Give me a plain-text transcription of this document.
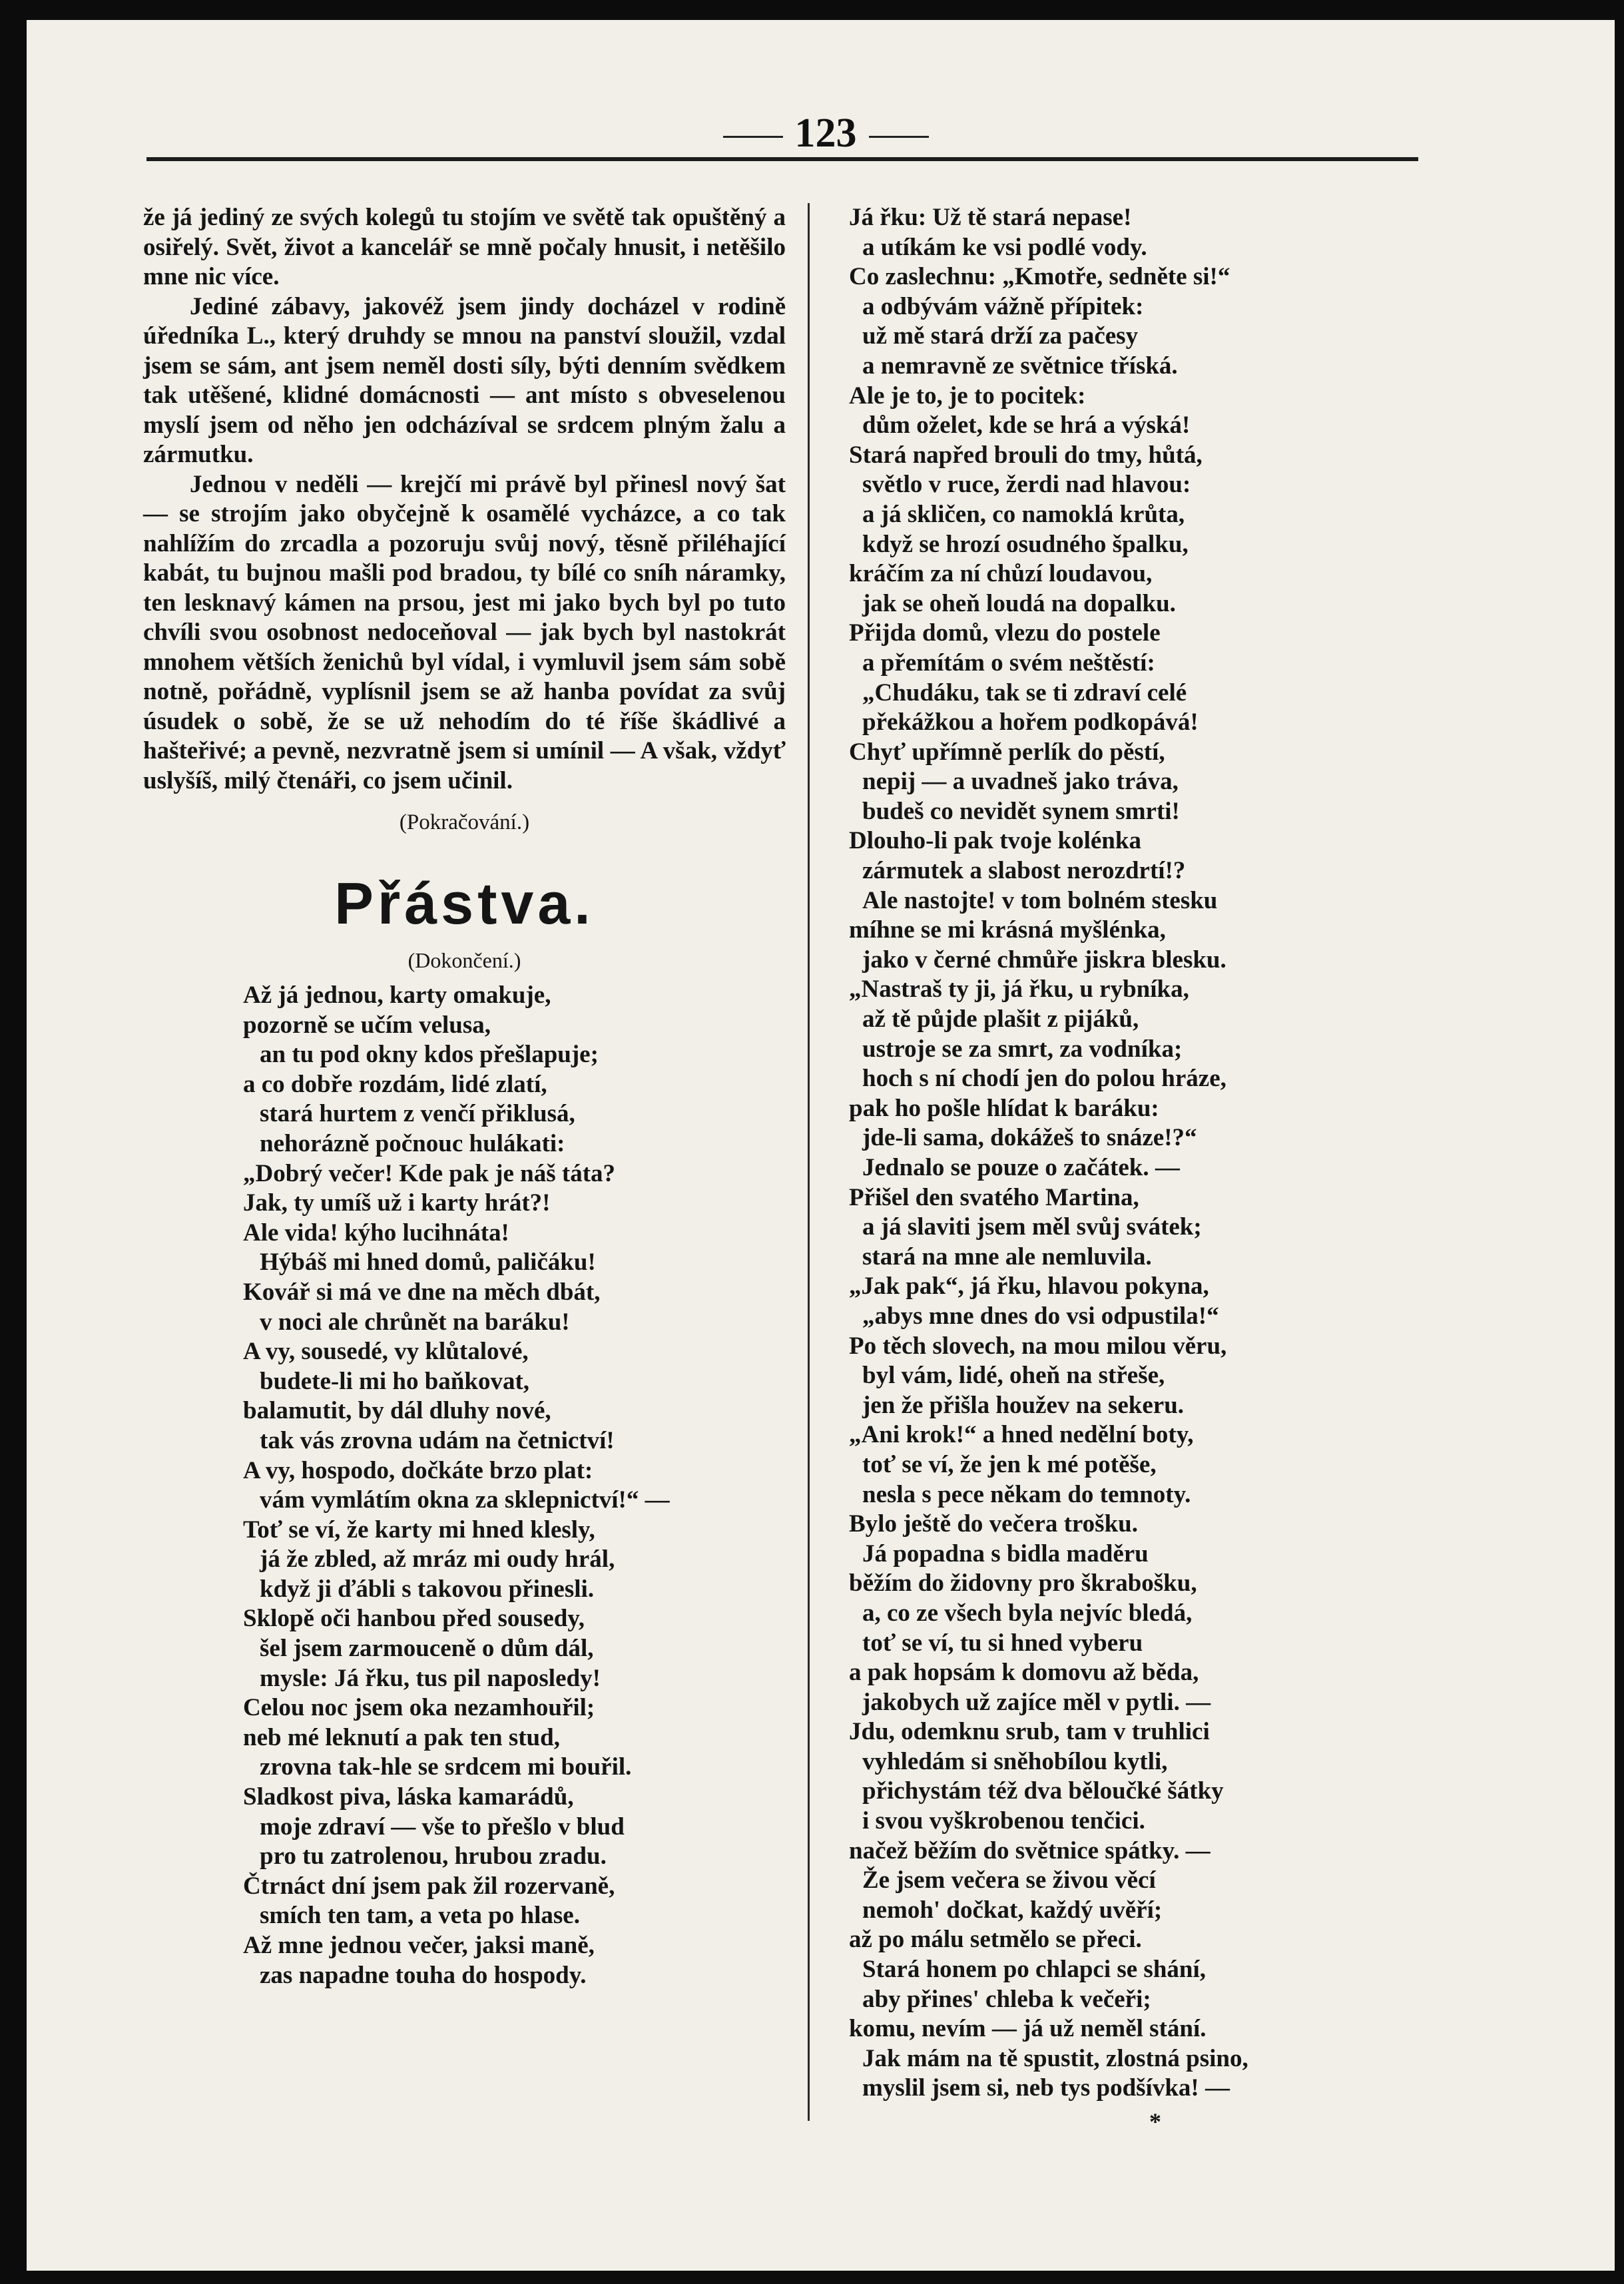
123

že já jediný ze svých kolegů tu stojím ve světě tak opuštěný a osiřelý. Svět, život a kancelář se mně počaly hnusit, i netěšilo mne nic více.

Jediné zábavy, jakovéž jsem jindy docházel v rodině úředníka L., který druhdy se mnou na panství sloužil, vzdal jsem se sám, ant jsem neměl dosti síly, býti denním svědkem tak utěšené, klidné domácnosti — ant místo s obveselenou myslí jsem od něho jen odcházíval se srdcem plným žalu a zármutku.

Jednou v neděli — krejčí mi právě byl přinesl nový šat — se strojím jako obyčejně k osamělé vycházce, a co tak nahlížím do zrcadla a pozoruju svůj nový, těsně přiléhající kabát, tu bujnou mašli pod bradou, ty bílé co sníh náramky, ten lesknavý kámen na prsou, jest mi jako bych byl po tuto chvíli svou osobnost nedoceňoval — jak bych byl nastokrát mnohem větších ženichů byl vídal, i vymluvil jsem sám sobě notně, pořádně, vyplísnil jsem se až hanba povídat za svůj úsudek o sobě, že se už nehodím do té říše škádlivé a hašteřivé; a pevně, nezvratně jsem si umínil — A však, vždyť uslyšíš, milý čtenáři, co jsem učinil.

(Pokračování.)
Přástva.
(Dokončení.)
Až já jednou, karty omakuje,
pozorně se učím velusa,
an tu pod okny kdos přešlapuje;
a co dobře rozdám, lidé zlatí,
stará hurtem z venčí přiklusá,
nehorázně počnouc hulákati:
„Dobrý večer! Kde pak je náš táta?
Jak, ty umíš už i karty hrát?!
Ale vida! kýho lucihnáta!
Hýbáš mi hned domů, paličáku!
Kovář si má ve dne na měch dbát,
v noci ale chrůnět na baráku!
A vy, sousedé, vy klůtalové,
budete-li mi ho baňkovat,
balamutit, by dál dluhy nové,
tak vás zrovna udám na četnictví!
A vy, hospodo, dočkáte brzo plat:
vám vymlátím okna za sklepnictví!“ —
Toť se ví, že karty mi hned klesly,
já že zbled, až mráz mi oudy hrál,
když ji ďábli s takovou přinesli.
Sklopě oči hanbou před sousedy,
šel jsem zarmouceně o dům dál,
mysle: Já řku, tus pil naposledy!
Celou noc jsem oka nezamhouřil;
neb mé leknutí a pak ten stud,
zrovna tak-hle se srdcem mi bouřil.
Sladkost piva, láska kamarádů,
moje zdraví — vše to přešlo v blud
pro tu zatrolenou, hrubou zradu.
Čtrnáct dní jsem pak žil rozervaně,
smích ten tam, a veta po hlase.
Až mne jednou večer, jaksi maně,
zas napadne touha do hospody.
Já řku: Už tě stará nepase!
a utíkám ke vsi podlé vody.
Co zaslechnu: „Kmotře, sedněte si!“
a odbývám vážně přípitek:
už mě stará drží za pačesy
a nemravně ze světnice tříská.
Ale je to, je to pocitek:
dům oželet, kde se hrá a výská!
Stará napřed brouli do tmy, hůtá,
světlo v ruce, žerdi nad hlavou:
a já skličen, co namoklá krůta,
když se hrozí osudného špalku,
kráčím za ní chůzí loudavou,
jak se oheň loudá na dopalku.
Přijda domů, vlezu do postele
a přemítám o svém neštěstí:
„Chudáku, tak se ti zdraví celé
překážkou a hořem podkopává!
Chyť upřímně perlík do pěstí,
nepij — a uvadneš jako tráva,
budeš co nevidět synem smrti!
Dlouho-li pak tvoje kolénka
zármutek a slabost nerozdrtí!?
Ale nastojte! v tom bolném stesku
míhne se mi krásná myšlénka,
jako v černé chmůře jiskra blesku.
„Nastraš ty ji, já řku, u rybníka,
až tě půjde plašit z pijáků,
ustroje se za smrt, za vodníka;
hoch s ní chodí jen do polou hráze,
pak ho pošle hlídat k baráku:
jde-li sama, dokážeš to snáze!?“
Jednalo se pouze o začátek. —
Přišel den svatého Martina,
a já slaviti jsem měl svůj svátek;
stará na mne ale nemluvila.
„Jak pak“, já řku, hlavou pokyna,
„abys mne dnes do vsi odpustila!“
Po těch slovech, na mou milou věru,
byl vám, lidé, oheň na střeše,
jen že přišla houžev na sekeru.
„Ani krok!“ a hned nedělní boty,
toť se ví, že jen k mé potěše,
nesla s pece někam do temnoty.
Bylo ještě do večera trošku.
Já popadna s bidla maděru
běžím do židovny pro škrabošku,
a, co ze všech byla nejvíc bledá,
toť se ví, tu si hned vyberu
a pak hopsám k domovu až běda,
jakobych už zajíce měl v pytli. —
Jdu, odemknu srub, tam v truhlici
vyhledám si sněhobílou kytli,
přichystám též dva běloučké šátky
i svou vyškrobenou tenčici.
načež běžím do světnice spátky. —
Že jsem večera se živou věcí
nemoh' dočkat, každý uvěří;
až po málu setmělo se přeci.
Stará honem po chlapci se shání,
aby přines' chleba k večeři;
komu, nevím — já už neměl stání.
Jak mám na tě spustit, zlostná psino,
myslil jsem si, neb tys podšívka! —
*
